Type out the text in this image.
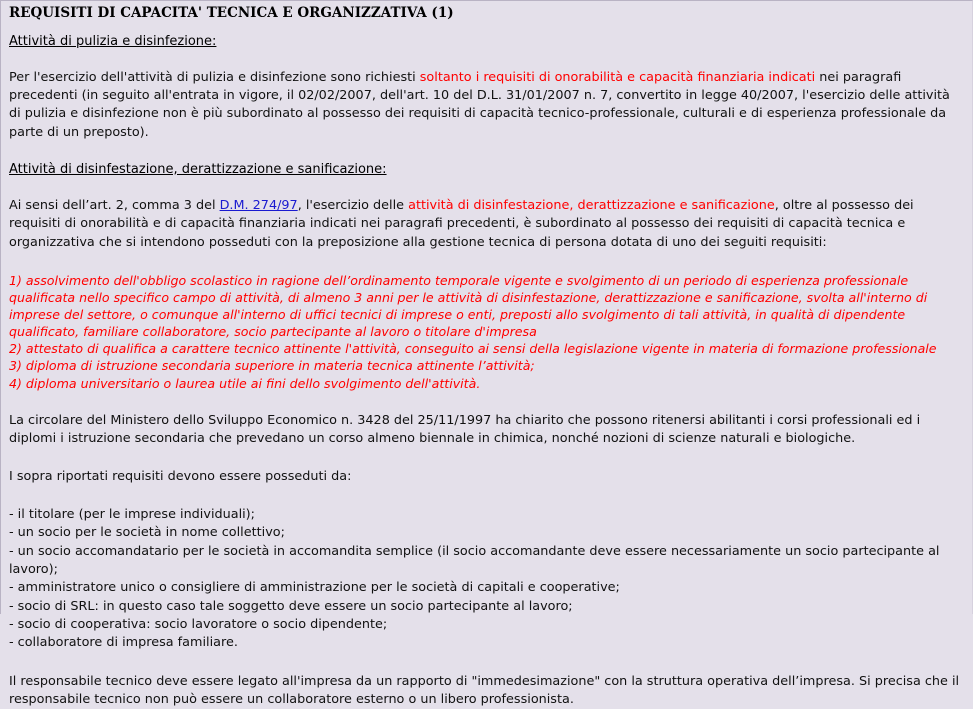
REQUISITI DI CAPACITA' TECNICA E ORGANIZZATIVA (1)
Attività di pulizia e disinfezione:

Per l'esercizio dell'attività di pulizia e disinfezione sono richiesti soltanto i requisiti di onorabilità e capacità finanziaria indicati nei paragrafi precedenti (in seguito all'entrata in vigore, il 02/02/2007, dell'art. 10 del D.L. 31/01/2007 n. 7, convertito in legge 40/2007, l'esercizio delle attività di pulizia e disinfezione non è più subordinato al possesso dei requisiti di capacità tecnico-professionale, culturali e di esperienza professionale da parte di un preposto).

Attività di disinfestazione, derattizzazione e sanificazione:

Ai sensi dell’art. 2, comma 3 del D.M. 274/97, l'esercizio delle attività di disinfestazione, derattizzazione e sanificazione, oltre al possesso dei requisiti di onorabilità e di capacità finanziaria indicati nei paragrafi precedenti, è subordinato al possesso dei requisiti di capacità tecnica e organizzativa che si intendono posseduti con la preposizione alla gestione tecnica di persona dotata di uno dei seguiti requisiti:

1) assolvimento dell'obbligo scolastico in ragione dell’ordinamento temporale vigente e svolgimento di un periodo di esperienza professionale qualificata nello specifico campo di attività, di almeno 3 anni per le attività di disinfestazione, derattizzazione e sanificazione, svolta all'interno di imprese del settore, o comunque all'interno di uffici tecnici di imprese o enti, preposti allo svolgimento di tali attività, in qualità di dipendente qualificato, familiare collaboratore, socio partecipante al lavoro o titolare d'impresa
2) attestato di qualifica a carattere tecnico attinente l'attività, conseguito ai sensi della legislazione vigente in materia di formazione professionale
3) diploma di istruzione secondaria superiore in materia tecnica attinente l’attività;
4) diploma universitario o laurea utile ai fini dello svolgimento dell'attività.

La circolare del Ministero dello Sviluppo Economico n. 3428 del 25/11/1997 ha chiarito che possono ritenersi abilitanti i corsi professionali ed i diplomi i istruzione secondaria che prevedano un corso almeno biennale in chimica, nonché nozioni di scienze naturali e biologiche.

I sopra riportati requisiti devono essere posseduti da:

- il titolare (per le imprese individuali);
- un socio per le società in nome collettivo;
- un socio accomandatario per le società in accomandita semplice (il socio accomandante deve essere necessariamente un socio partecipante al lavoro);
- amministratore unico o consigliere di amministrazione per le società di capitali e cooperative;
- socio di SRL: in questo caso tale soggetto deve essere un socio partecipante al lavoro;
- socio di cooperativa: socio lavoratore o socio dipendente;
- collaboratore di impresa familiare.

Il responsabile tecnico deve essere legato all'impresa da un rapporto di "immedesimazione" con la struttura operativa dell’impresa. Si precisa che il responsabile tecnico non può essere un collaboratore esterno o un libero professionista.
